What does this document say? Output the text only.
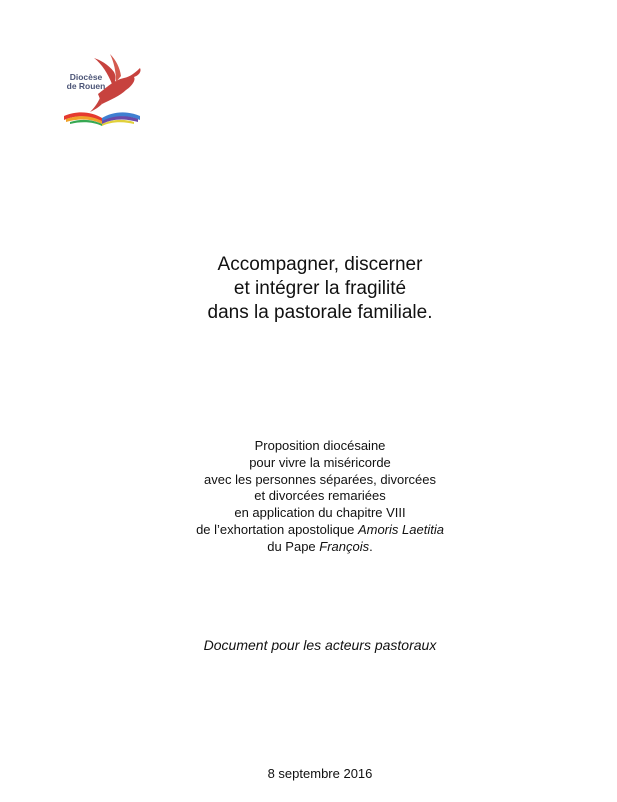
Diocèse
de Rouen
Accompagner, discerner
et intégrer la fragilité
dans la pastorale familiale.
Proposition diocésaine
pour vivre la miséricorde
avec les personnes séparées, divorcées
et divorcées remariées
en application du chapitre VIII
de l’exhortation apostolique Amoris Laetitia
du Pape François.
Document pour les acteurs pastoraux
8 septembre 2016
